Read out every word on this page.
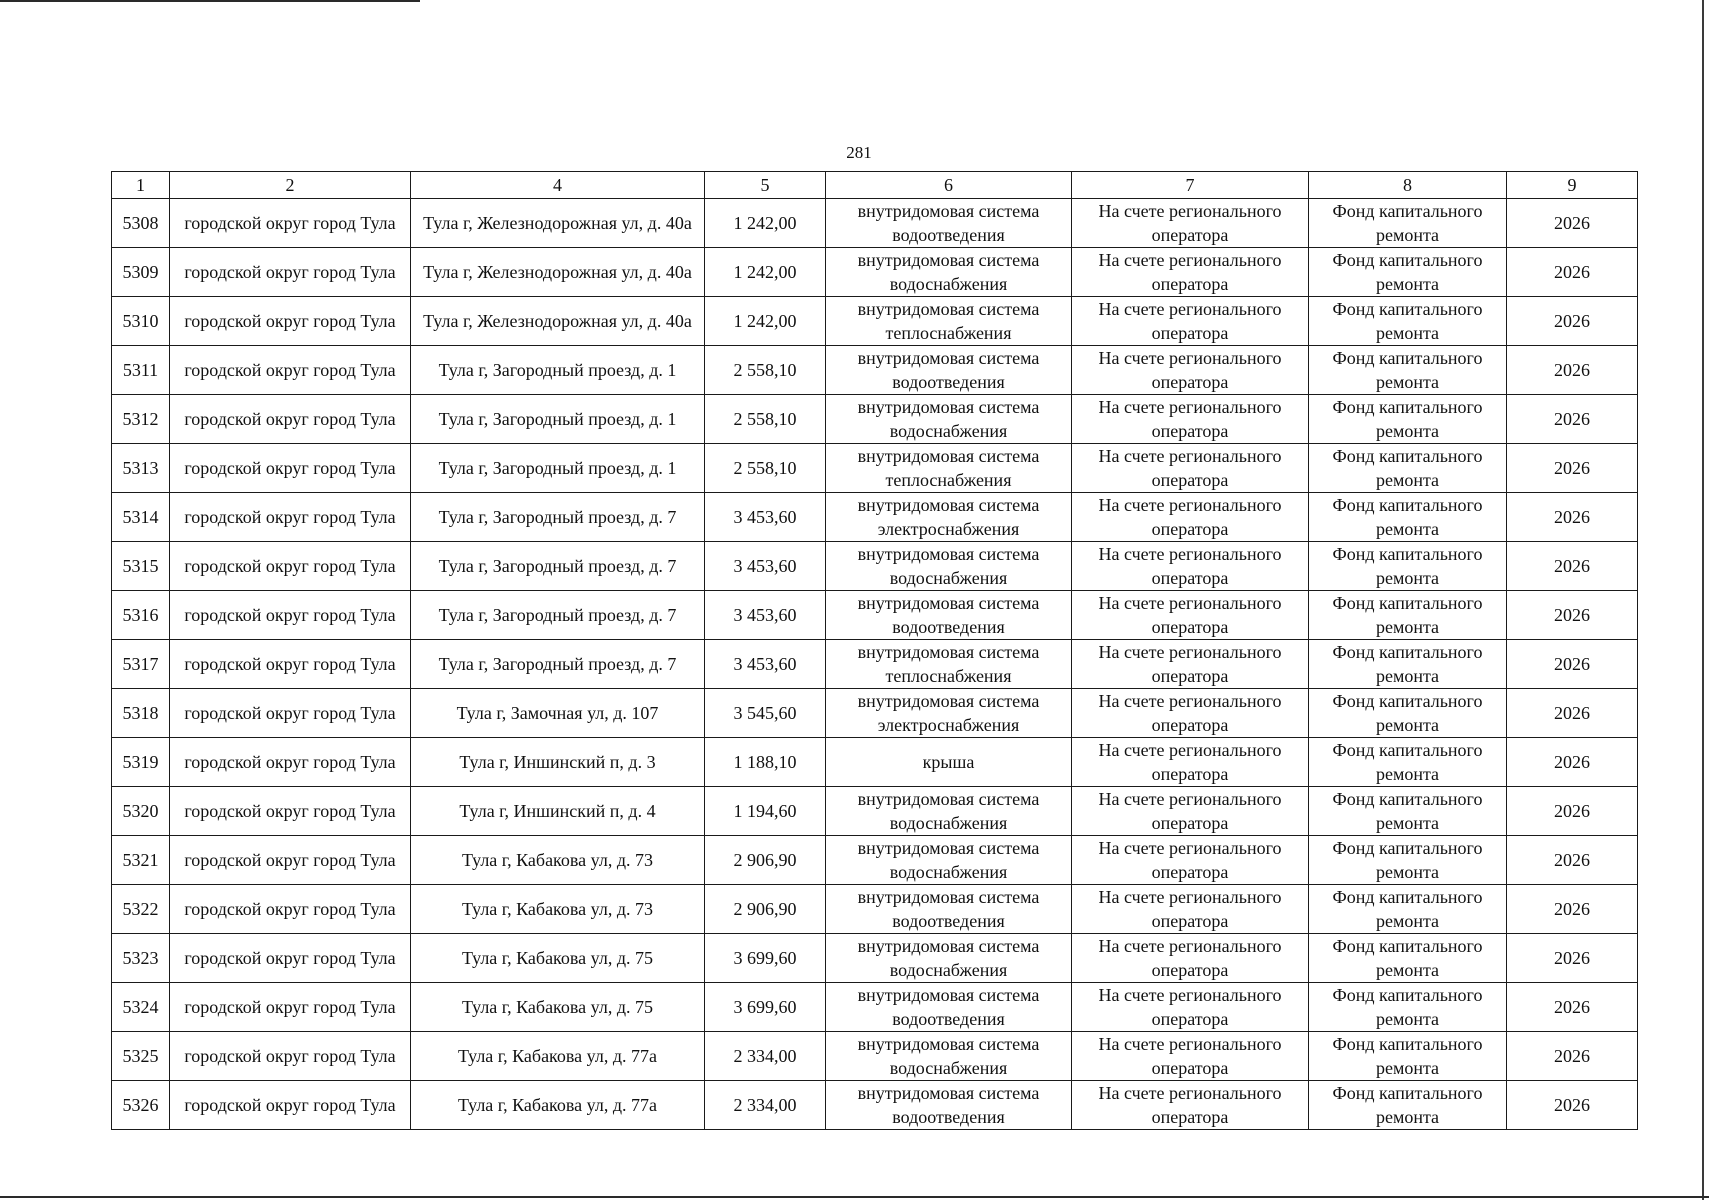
281
1	2	4	5	6	7	8	9
5308	городской округ город Тула	Тула г, Железнодорожная ул, д. 40а	1 242,00	внутридомовая система водоотведения	На счете регионального оператора	Фонд капитального ремонта	2026
5309	городской округ город Тула	Тула г, Железнодорожная ул, д. 40а	1 242,00	внутридомовая система водоснабжения	На счете регионального оператора	Фонд капитального ремонта	2026
5310	городской округ город Тула	Тула г, Железнодорожная ул, д. 40а	1 242,00	внутридомовая система теплоснабжения	На счете регионального оператора	Фонд капитального ремонта	2026
5311	городской округ город Тула	Тула г, Загородный проезд, д. 1	2 558,10	внутридомовая система водоотведения	На счете регионального оператора	Фонд капитального ремонта	2026
5312	городской округ город Тула	Тула г, Загородный проезд, д. 1	2 558,10	внутридомовая система водоснабжения	На счете регионального оператора	Фонд капитального ремонта	2026
5313	городской округ город Тула	Тула г, Загородный проезд, д. 1	2 558,10	внутридомовая система теплоснабжения	На счете регионального оператора	Фонд капитального ремонта	2026
5314	городской округ город Тула	Тула г, Загородный проезд, д. 7	3 453,60	внутридомовая система электроснабжения	На счете регионального оператора	Фонд капитального ремонта	2026
5315	городской округ город Тула	Тула г, Загородный проезд, д. 7	3 453,60	внутридомовая система водоснабжения	На счете регионального оператора	Фонд капитального ремонта	2026
5316	городской округ город Тула	Тула г, Загородный проезд, д. 7	3 453,60	внутридомовая система водоотведения	На счете регионального оператора	Фонд капитального ремонта	2026
5317	городской округ город Тула	Тула г, Загородный проезд, д. 7	3 453,60	внутридомовая система теплоснабжения	На счете регионального оператора	Фонд капитального ремонта	2026
5318	городской округ город Тула	Тула г, Замочная ул, д. 107	3 545,60	внутридомовая система электроснабжения	На счете регионального оператора	Фонд капитального ремонта	2026
5319	городской округ город Тула	Тула г, Иншинский п, д. 3	1 188,10	крыша	На счете регионального оператора	Фонд капитального ремонта	2026
5320	городской округ город Тула	Тула г, Иншинский п, д. 4	1 194,60	внутридомовая система водоснабжения	На счете регионального оператора	Фонд капитального ремонта	2026
5321	городской округ город Тула	Тула г, Кабакова ул, д. 73	2 906,90	внутридомовая система водоснабжения	На счете регионального оператора	Фонд капитального ремонта	2026
5322	городской округ город Тула	Тула г, Кабакова ул, д. 73	2 906,90	внутридомовая система водоотведения	На счете регионального оператора	Фонд капитального ремонта	2026
5323	городской округ город Тула	Тула г, Кабакова ул, д. 75	3 699,60	внутридомовая система водоснабжения	На счете регионального оператора	Фонд капитального ремонта	2026
5324	городской округ город Тула	Тула г, Кабакова ул, д. 75	3 699,60	внутридомовая система водоотведения	На счете регионального оператора	Фонд капитального ремонта	2026
5325	городской округ город Тула	Тула г, Кабакова ул, д. 77а	2 334,00	внутридомовая система водоснабжения	На счете регионального оператора	Фонд капитального ремонта	2026
5326	городской округ город Тула	Тула г, Кабакова ул, д. 77а	2 334,00	внутридомовая система водоотведения	На счете регионального оператора	Фонд капитального ремонта	2026
